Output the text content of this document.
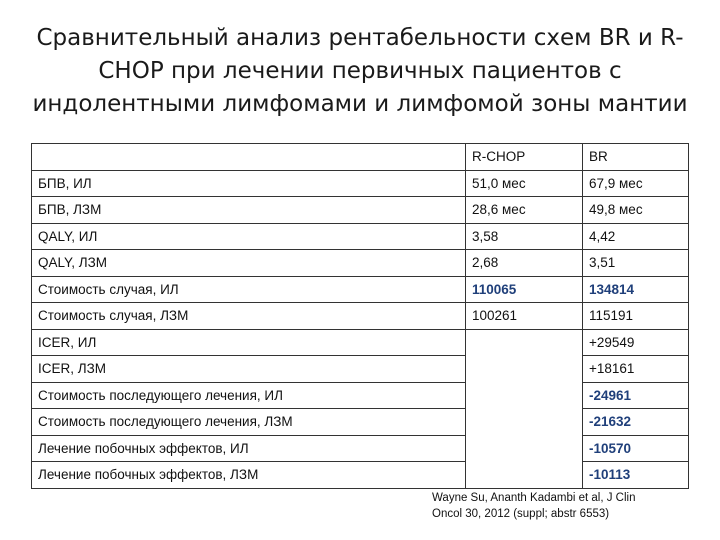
Сравнительный анализ рентабельности схем BR и R-
CHOP при лечении первичных пациентов с
индолентными лимфомами и лимфомой зоны мантии
	R-CHOP	BR
БПВ, ИЛ	51,0 мес	67,9 мес
БПВ, ЛЗМ	28,6 мес	49,8 мес
QALY, ИЛ	3,58	4,42
QALY, ЛЗМ	2,68	3,51
Стоимость случая, ИЛ	110065	134814
Стоимость случая, ЛЗМ	100261	115191
ICER, ИЛ		+29549
ICER, ЛЗМ		+18161
Стоимость последующего лечения, ИЛ		-24961
Стоимость последующего лечения, ЛЗМ		-21632
Лечение побочных эффектов, ИЛ		-10570
Лечение побочных эффектов, ЛЗМ		-10113
Wayne Su, Ananth Kadambi et al, J Clin
Oncol 30, 2012 (suppl; abstr 6553)
